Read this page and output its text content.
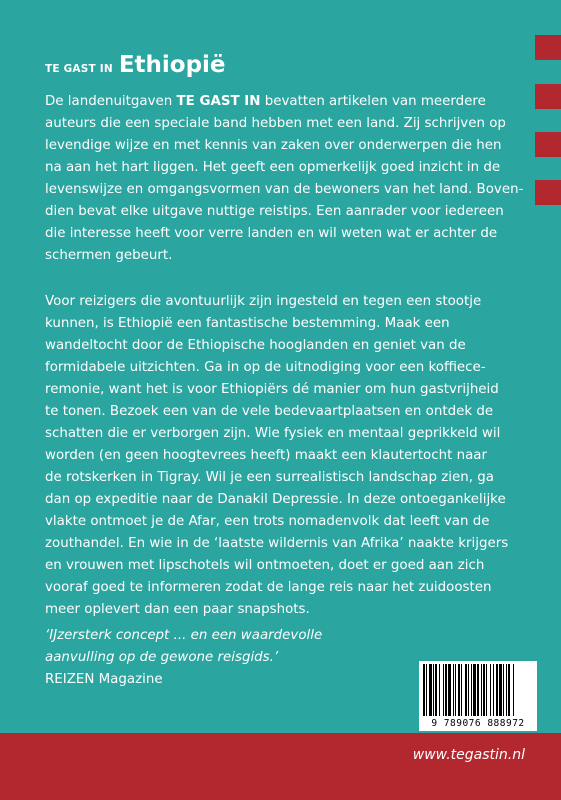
TE GAST IN Ethiopië
De landenuitgaven TE GAST IN bevatten artikelen van meerdere
auteurs die een speciale band hebben met een land. Zij schrijven op
levendige wijze en met kennis van zaken over onderwerpen die hen
na aan het hart liggen. Het geeft een opmerkelijk goed inzicht in de
levenswijze en omgangsvormen van de bewoners van het land. Boven-
dien bevat elke uitgave nuttige reistips. Een aanrader voor iedereen
die interesse heeft voor verre landen en wil weten wat er achter de
schermen gebeurt.
Voor reizigers die avontuurlijk zijn ingesteld en tegen een stootje
kunnen, is Ethiopië een fantastische bestemming. Maak een
wandeltocht door de Ethiopische hooglanden en geniet van de
formidabele uitzichten. Ga in op de uitnodiging voor een koffiece-
remonie, want het is voor Ethiopiërs dé manier om hun gastvrijheid
te tonen. Bezoek een van de vele bedevaartplaatsen en ontdek de
schatten die er verborgen zijn. Wie fysiek en mentaal geprikkeld wil
worden (en geen hoogtevrees heeft) maakt een klautertocht naar
de rotskerken in Tigray. Wil je een surrealistisch landschap zien, ga
dan op expeditie naar de Danakil Depressie. In deze ontoegankelijke
vlakte ontmoet je de Afar, een trots nomadenvolk dat leeft van de
zouthandel. En wie in de ‘laatste wildernis van Afrika’ naakte krijgers
en vrouwen met lipschotels wil ontmoeten, doet er goed aan zich
vooraf goed te informeren zodat de lange reis naar het zuidoosten
meer oplevert dan een paar snapshots.
‘IJzersterk concept ... en een waardevolle
aanvulling op de gewone reisgids.’
REIZEN Magazine
9 789076 888972
www.tegastin.nl
